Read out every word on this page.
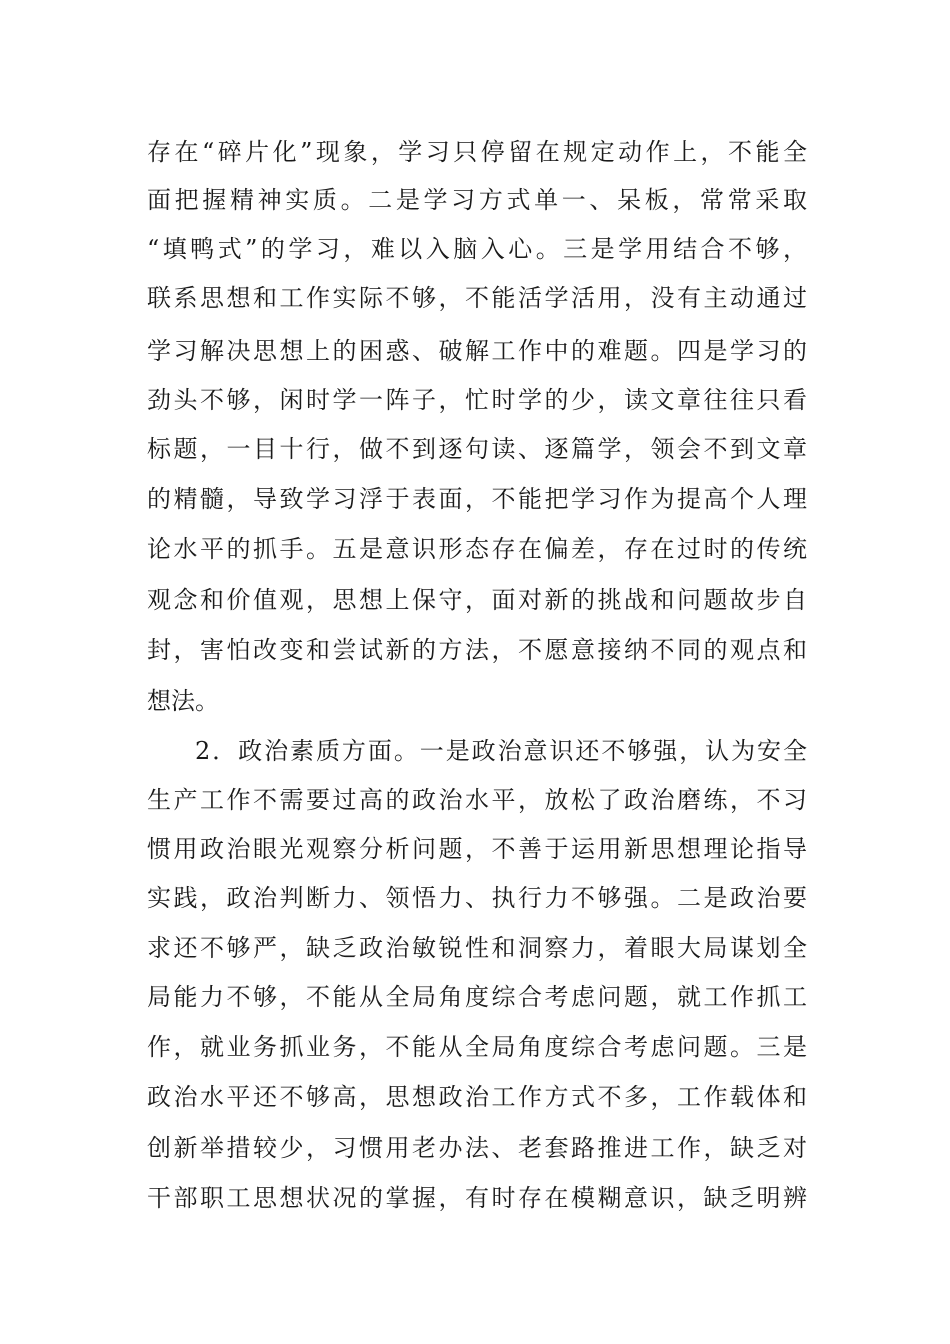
存在“碎片化”现象，学习只停留在规定动作上，不能全
面把握精神实质。二是学习方式单一、呆板，常常采取
“填鸭式”的学习，难以入脑入心。三是学用结合不够，
联系思想和工作实际不够，不能活学活用，没有主动通过
学习解决思想上的困惑、破解工作中的难题。四是学习的
劲头不够，闲时学一阵子，忙时学的少，读文章往往只看
标题，一目十行，做不到逐句读、逐篇学，领会不到文章
的精髓，导致学习浮于表面，不能把学习作为提高个人理
论水平的抓手。五是意识形态存在偏差，存在过时的传统
观念和价值观，思想上保守，面对新的挑战和问题故步自
封，害怕改变和尝试新的方法，不愿意接纳不同的观点和
想法。
2．政治素质方面。一是政治意识还不够强，认为安全
生产工作不需要过高的政治水平，放松了政治磨练，不习
惯用政治眼光观察分析问题，不善于运用新思想理论指导
实践，政治判断力、领悟力、执行力不够强。二是政治要
求还不够严，缺乏政治敏锐性和洞察力，着眼大局谋划全
局能力不够，不能从全局角度综合考虑问题，就工作抓工
作，就业务抓业务，不能从全局角度综合考虑问题。三是
政治水平还不够高，思想政治工作方式不多，工作载体和
创新举措较少，习惯用老办法、老套路推进工作，缺乏对
干部职工思想状况的掌握，有时存在模糊意识，缺乏明辨
